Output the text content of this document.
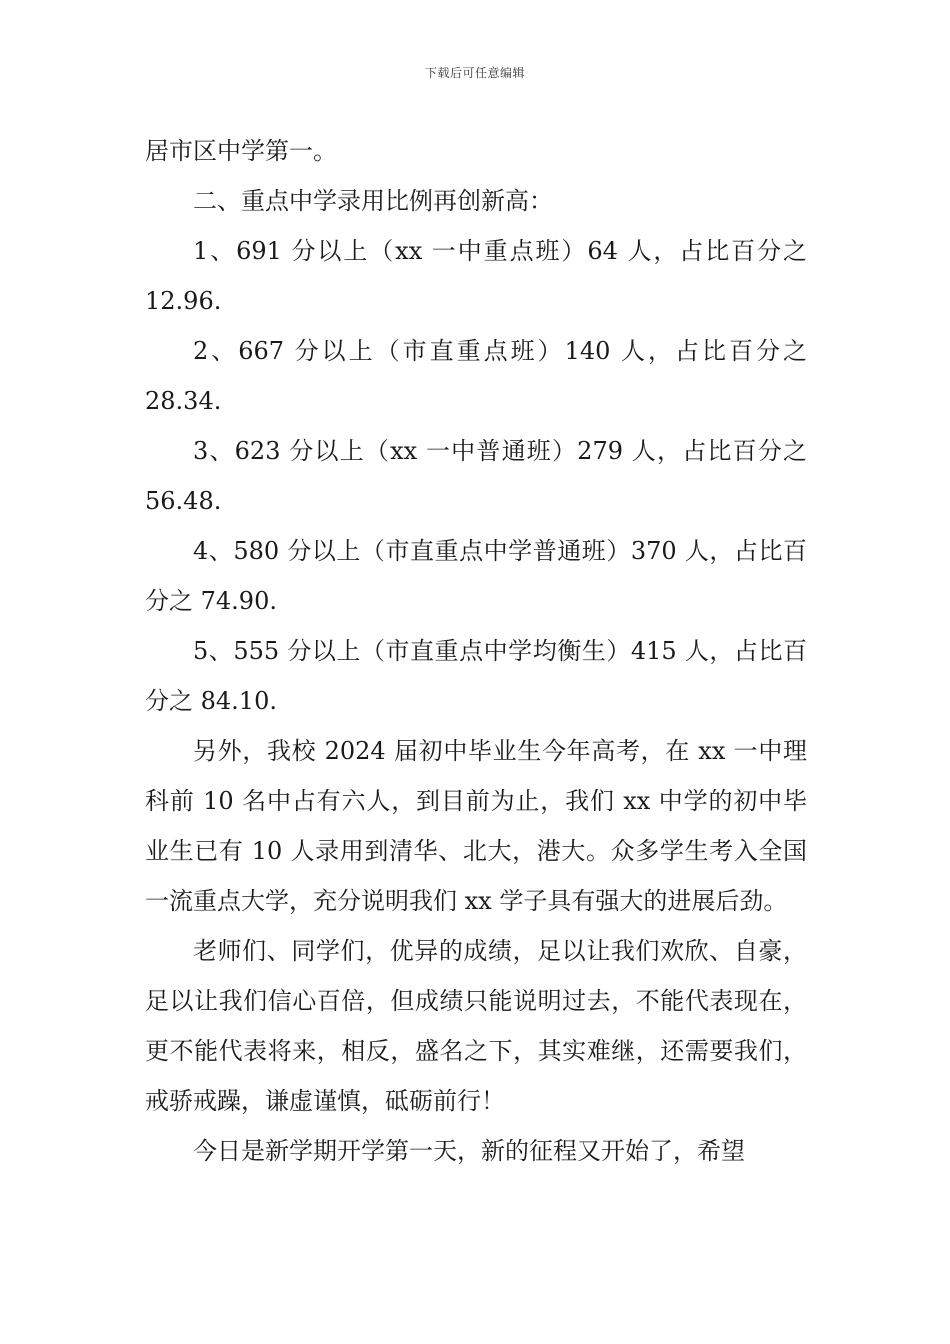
下载后可任意编辑

居市区中学第一。

二、重点中学录用比例再创新高：

1、691 分以上（xx 一中重点班）64 人，占比百分之 12.96.

2、667 分以上（市直重点班）140 人，占比百分之 28.34.

3、623 分以上（xx 一中普通班）279 人，占比百分之 56.48.

4、580 分以上（市直重点中学普通班）370 人，占比百分之 74.90.

5、555 分以上（市直重点中学均衡生）415 人，占比百分之 84.10.

另外，我校 2024 届初中毕业生今年高考，在 xx 一中理科前 10 名中占有六人，到目前为止，我们 xx 中学的初中毕业生已有 10 人录用到清华、北大，港大。众多学生考入全国一流重点大学，充分说明我们 xx 学子具有强大的进展后劲。

老师们、同学们，优异的成绩，足以让我们欢欣、自豪，足以让我们信心百倍，但成绩只能说明过去，不能代表现在，更不能代表将来，相反，盛名之下，其实难继，还需要我们，戒骄戒躁，谦虚谨慎，砥砺前行！

今日是新学期开学第一天，新的征程又开始了，希望
